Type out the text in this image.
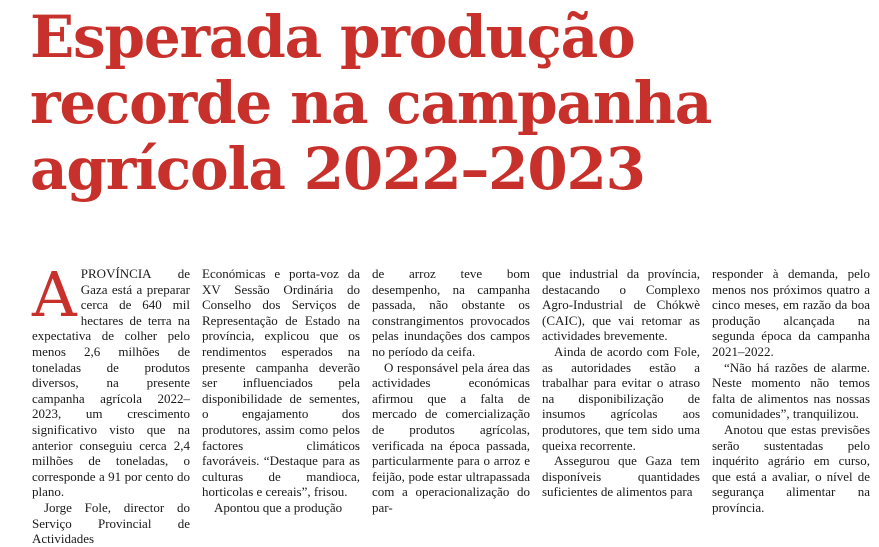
Esperada produção
recorde na campanha
agrícola 2022–2023
A PROVÍNCIA de Gaza está a preparar cerca de 640 mil hectares de terra na expectativa de colher pelo menos 2,6 milhões de toneladas de produtos diversos, na presente campanha agrícola 2022–2023, um crescimento significativo visto que na anterior conseguiu cerca 2,4 milhões de toneladas, o corresponde a 91 por cento do plano.

Jorge Fole, director do Serviço Provincial de Actividades

Económicas e porta-voz da XV Sessão Ordinária do Conselho dos Serviços de Representação de Estado na província, explicou que os rendimentos esperados na presente campanha deverão ser influenciados pela disponibilidade de sementes, o engajamento dos produtores, assim como pelos factores climáticos favoráveis. “Destaque para as culturas de mandioca, horticolas e cereais”, frisou.

Apontou que a produção

de arroz teve bom desempenho, na campanha passada, não obstante os constrangimentos provocados pelas inundações dos campos no período da ceifa.

O responsável pela área das actividades económicas afirmou que a falta de mercado de comercialização de produtos agrícolas, verificada na época passada, particularmente para o arroz e feijão, pode estar ultrapassada com a operacionalização do par-

que industrial da província, destacando o Complexo Agro-Industrial de Chókwè (CAIC), que vai retomar as actividades brevemente.

Ainda de acordo com Fole, as autoridades estão a trabalhar para evitar o atraso na disponibilização de insumos agrícolas aos produtores, que tem sido uma queixa recorrente.

Assegurou que Gaza tem disponíveis quantidades suficientes de alimentos para

responder à demanda, pelo menos nos próximos quatro a cinco meses, em razão da boa produção alcançada na segunda época da campanha 2021–2022.

“Não há razões de alarme. Neste momento não temos falta de alimentos nas nossas comunidades”, tranquilizou.

Anotou que estas previsões serão sustentadas pelo inquérito agrário em curso, que está a avaliar, o nível de segurança alimentar na província.
